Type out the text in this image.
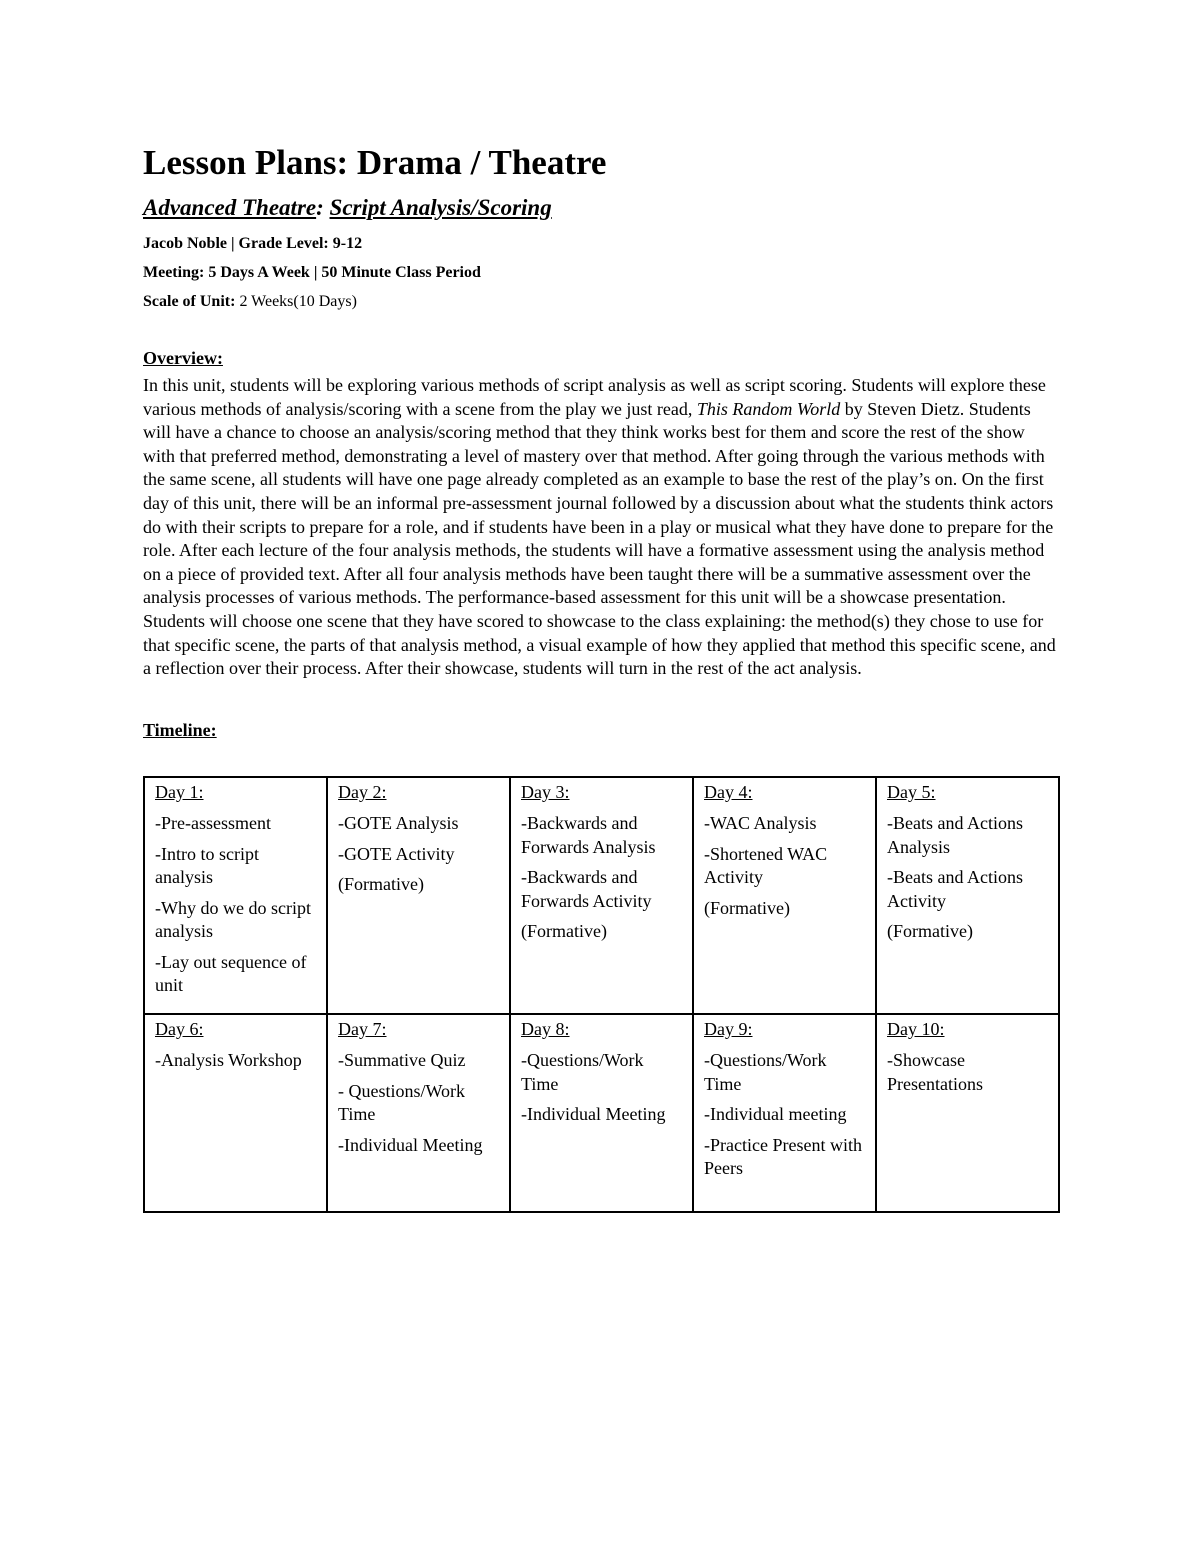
Lesson Plans: Drama / Theatre
Advanced Theatre: Script Analysis/Scoring
Jacob Noble | Grade Level: 9-12
Meeting: 5 Days A Week | 50 Minute Class Period
Scale of Unit: 2 Weeks(10 Days)
Overview:
In this unit, students will be exploring various methods of script analysis as well as script scoring. Students will explore these various methods of analysis/scoring with a scene from the play we just read, This Random World by Steven Dietz. Students will have a chance to choose an analysis/scoring method that they think works best for them and score the rest of the show with that preferred method, demonstrating a level of mastery over that method. After going through the various methods with the same scene, all students will have one page already completed as an example to base the rest of the play’s on. On the first day of this unit, there will be an informal pre-assessment journal followed by a discussion about what the students think actors do with their scripts to prepare for a role, and if students have been in a play or musical what they have done to prepare for the role. After each lecture of the four analysis methods, the students will have a formative assessment using the analysis method on a piece of provided text. After all four analysis methods have been taught there will be a summative assessment over the analysis processes of various methods. The performance-based assessment for this unit will be a showcase presentation. Students will choose one scene that they have scored to showcase to the class explaining: the method(s) they chose to use for that specific scene, the parts of that analysis method, a visual example of how they applied that method this specific scene, and a reflection over their process. After their showcase, students will turn in the rest of the act analysis.
Timeline:
Day 1:
-Pre-assessment
-Intro to script analysis
-Why do we do script analysis
-Lay out sequence of unit	Day 2:
-GOTE Analysis
-GOTE Activity
(Formative)	Day 3:
-Backwards and Forwards Analysis
-Backwards and Forwards Activity
(Formative)	Day 4:
-WAC Analysis
-Shortened WAC Activity
(Formative)	Day 5:
-Beats and Actions Analysis
-Beats and Actions Activity
(Formative)

Day 6:
-Analysis Workshop	Day 7:
-Summative Quiz
- Questions/Work Time
-Individual Meeting	Day 8:
-Questions/Work Time
-Individual Meeting	Day 9:
-Questions/Work Time
-Individual meeting
-Practice Present with Peers	Day 10:
-Showcase Presentations
